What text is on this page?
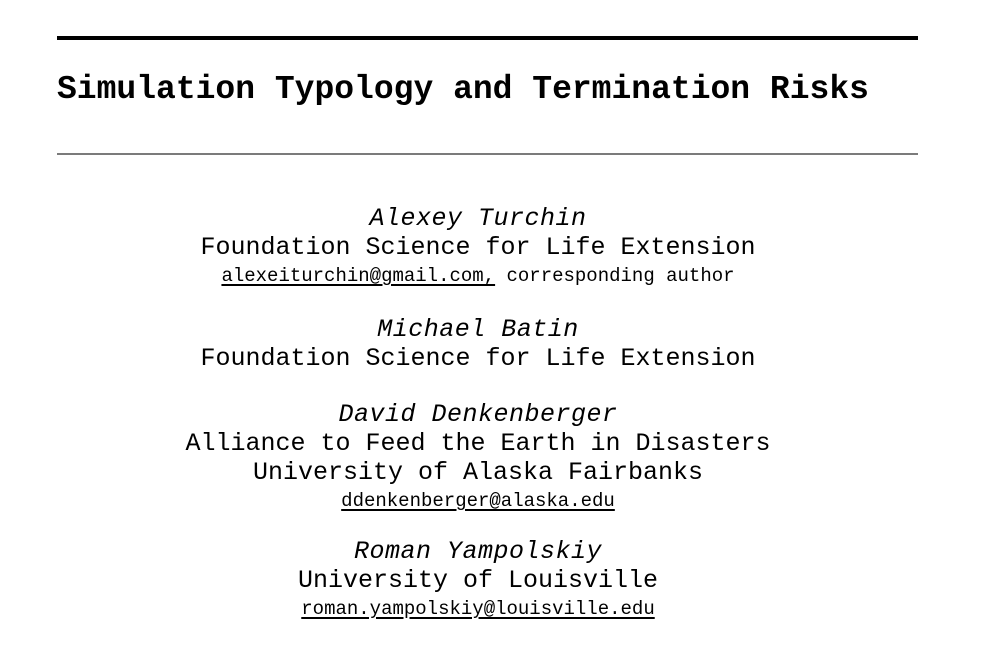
Simulation Typology and Termination Risks
Alexey Turchin
Foundation Science for Life Extension
alexeiturchin@gmail.com, corresponding author
Michael Batin
Foundation Science for Life Extension
David Denkenberger
Alliance to Feed the Earth in Disasters
University of Alaska Fairbanks
ddenkenberger@alaska.edu
Roman Yampolskiy
University of Louisville
roman.yampolskiy@louisville.edu
